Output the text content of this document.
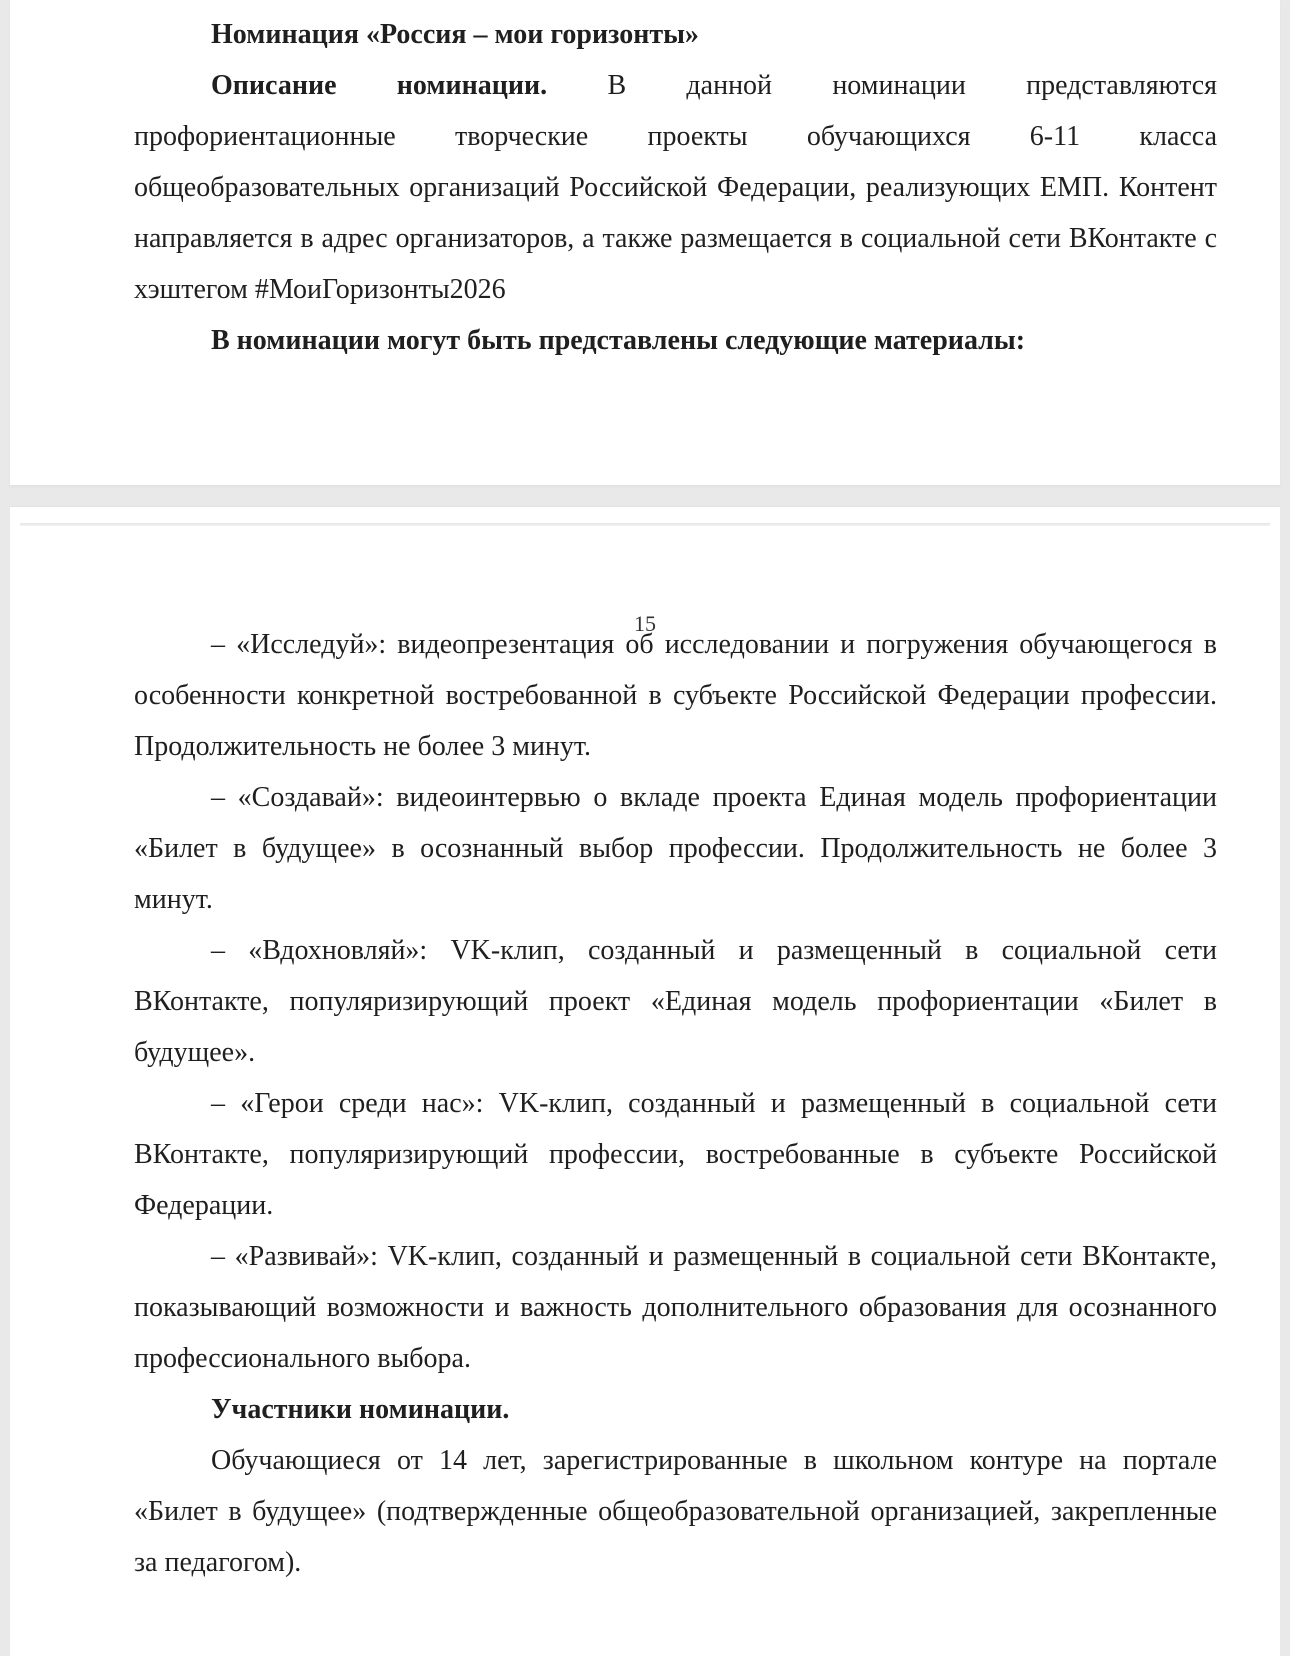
Номинация «Россия – мои горизонты»

Описание номинации. В данной номинации представляются профориентационные творческие проекты обучающихся 6-11 класса общеобразовательных организаций Российской Федерации, реализующих ЕМП. Контент направляется в адрес организаторов, а также размещается в социальной сети ВКонтакте с хэштегом #МоиГоризонты2026

В номинации могут быть представлены следующие материалы:

15

– «Исследуй»: видеопрезентация об исследовании и погружения обучающегося в особенности конкретной востребованной в субъекте Российской Федерации профессии. Продолжительность не более 3 минут.

– «Создавай»: видеоинтервью о вкладе проекта Единая модель профориентации «Билет в будущее» в осознанный выбор профессии. Продолжительность не более 3 минут.

– «Вдохновляй»: VK-клип, созданный и размещенный в социальной сети ВКонтакте, популяризирующий проект «Единая модель профориентации «Билет в будущее».

– «Герои среди нас»: VK-клип, созданный и размещенный в социальной сети ВКонтакте, популяризирующий профессии, востребованные в субъекте Российской Федерации.

– «Развивай»: VK-клип, созданный и размещенный в социальной сети ВКонтакте, показывающий возможности и важность дополнительного образования для осознанного профессионального выбора.

Участники номинации.

Обучающиеся от 14 лет, зарегистрированные в школьном контуре на портале «Билет в будущее» (подтвержденные общеобразовательной организацией, закрепленные за педагогом).
